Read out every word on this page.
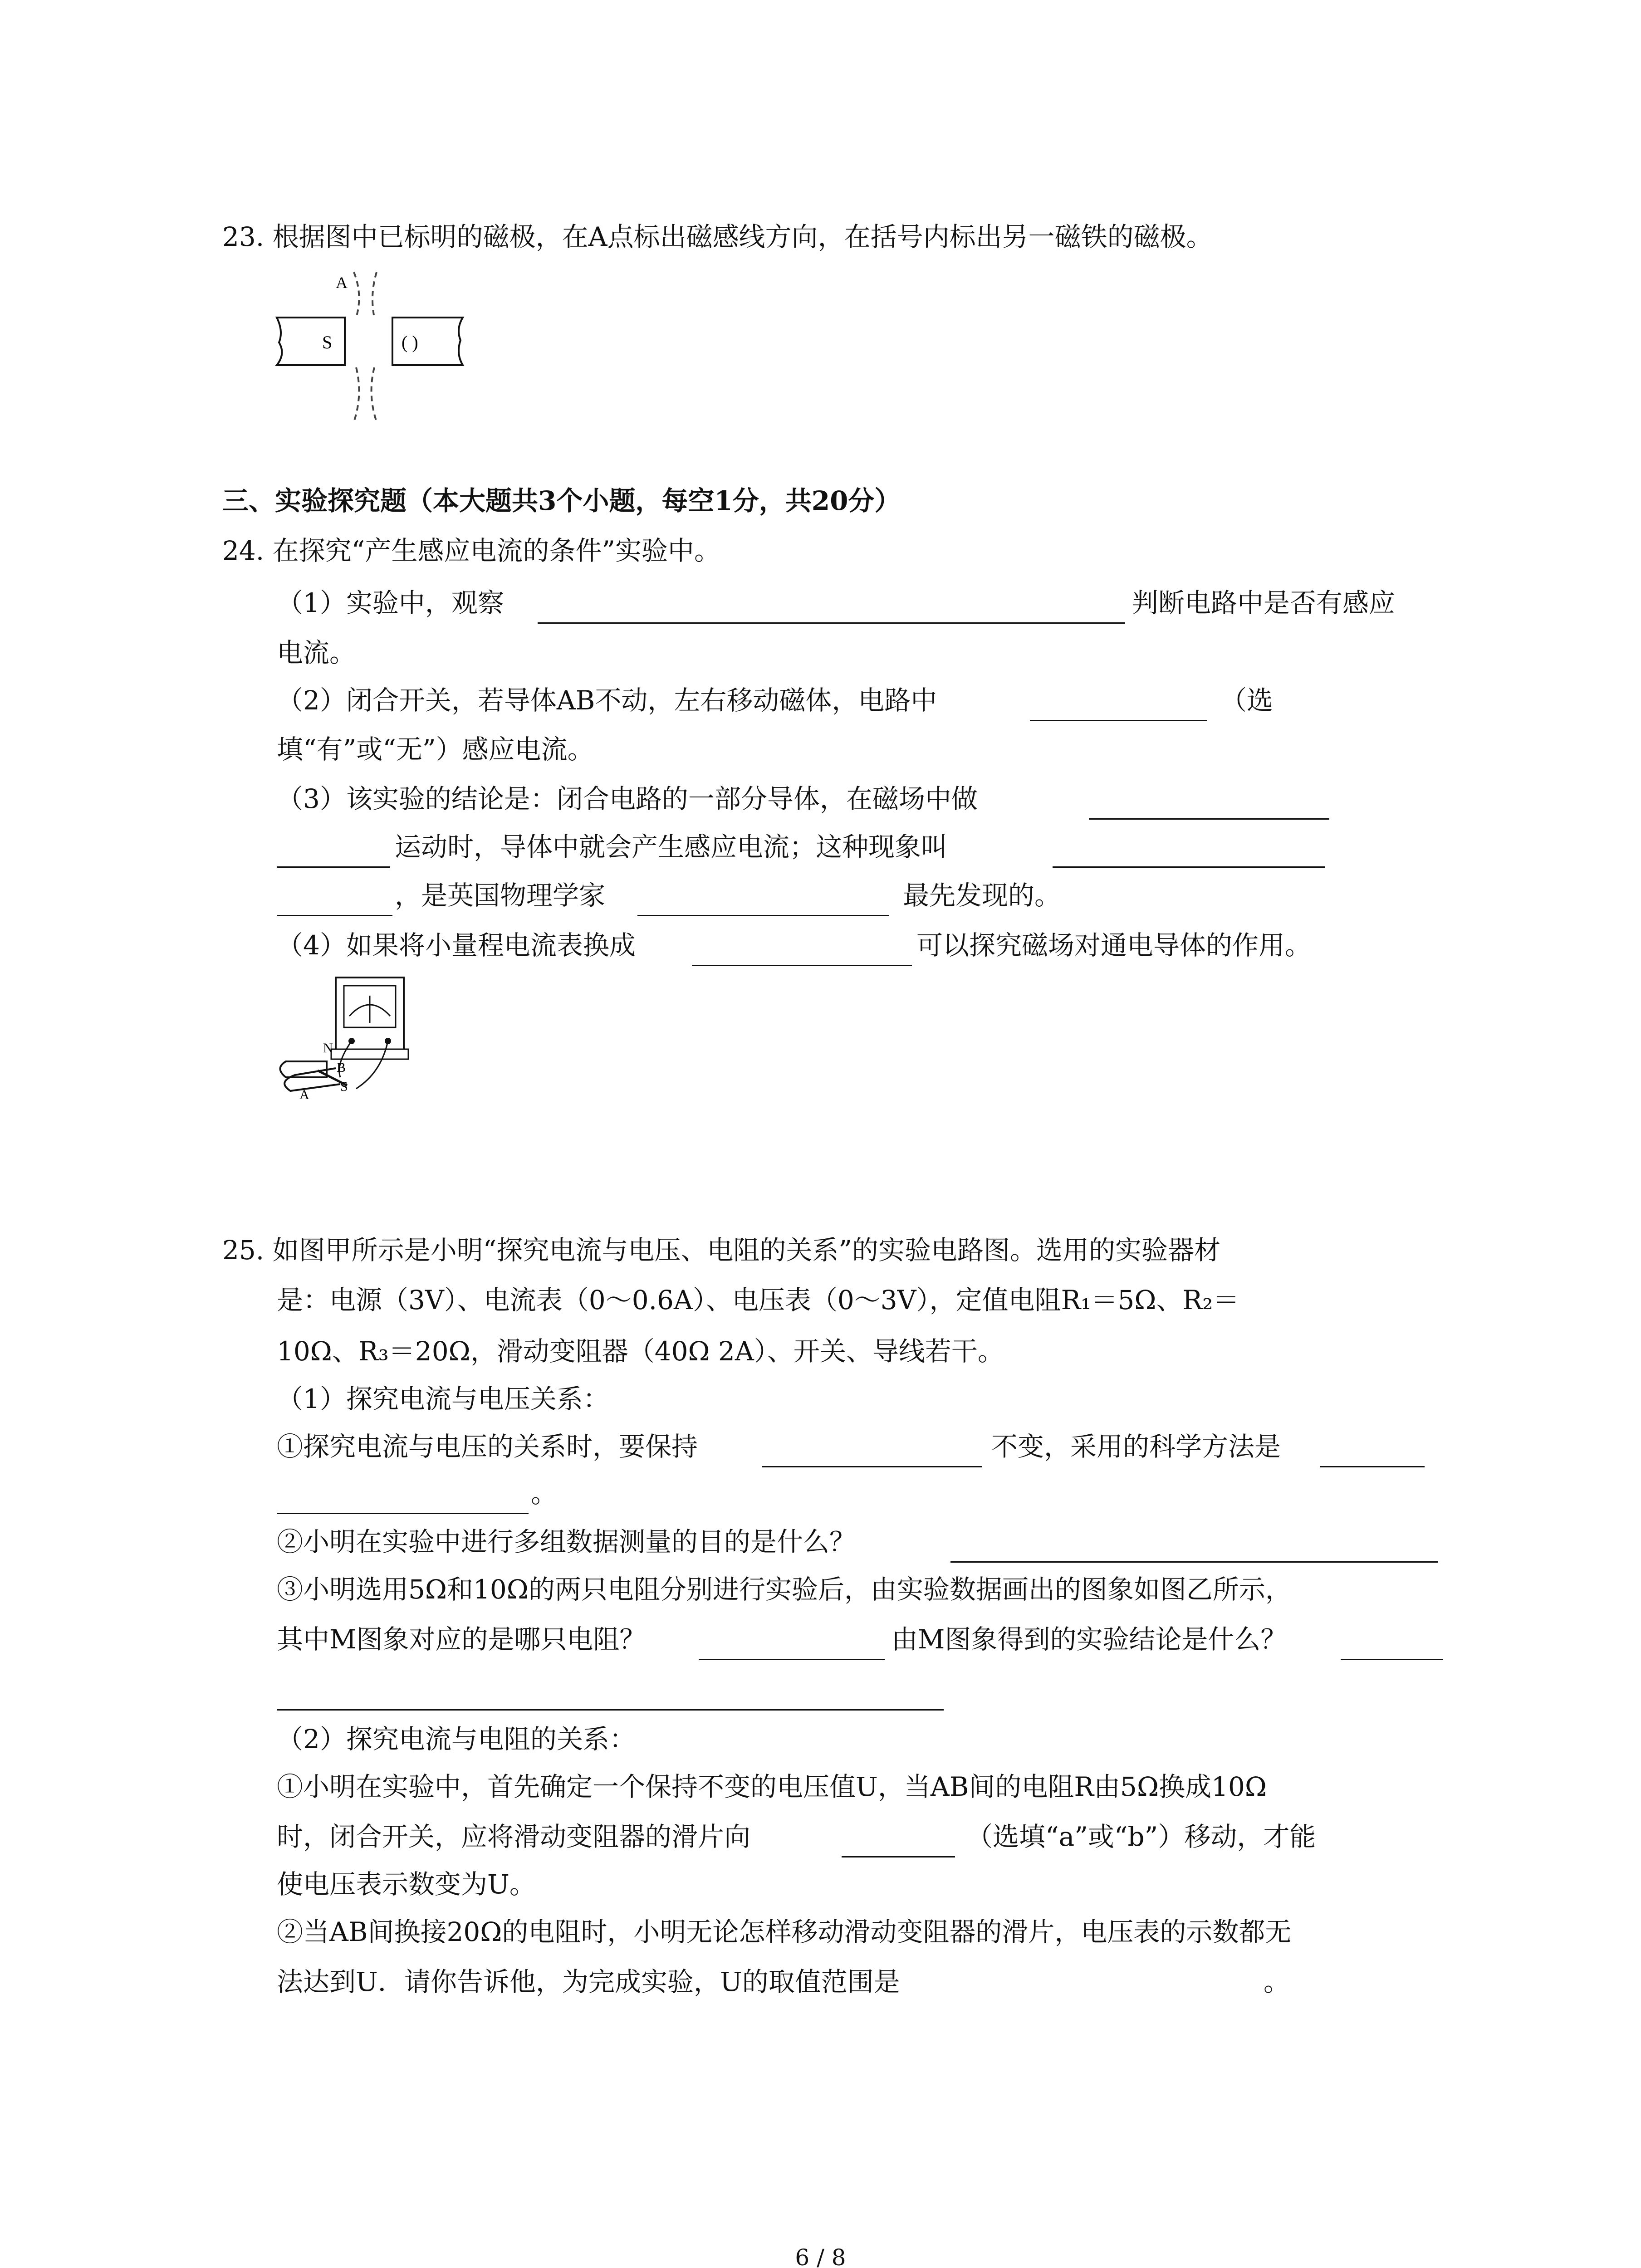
23. 根据图中已标明的磁极，在A点标出磁感线方向，在括号内标出另一磁铁的磁极。
A
S	( )
三、实验探究题（本大题共3个小题，每空1分，共20分）
24. 在探究“产生感应电流的条件”实验中。
（1）实验中，观察	判断电路中是否有感应
电流。
（2）闭合开关，若导体AB不动，左右移动磁体，电路中	（选
填“有”或“无”）感应电流。
（3）该实验的结论是：闭合电路的一部分导体，在磁场中做
运动时，导体中就会产生感应电流；这种现象叫
，是英国物理学家	最先发现的。
（4）如果将小量程电流表换成	可以探究磁场对通电导体的作用。
N
B
S
A
25. 如图甲所示是小明“探究电流与电压、电阻的关系”的实验电路图。选用的实验器材
是：电源（3V）、电流表（0～0.6A）、电压表（0～3V），定值电阻R₁＝5Ω、R₂＝
10Ω、R₃＝20Ω，滑动变阻器（40Ω 2A）、开关、导线若干。
（1）探究电流与电压关系：
①探究电流与电压的关系时，要保持	不变，采用的科学方法是
。
②小明在实验中进行多组数据测量的目的是什么？
③小明选用5Ω和10Ω的两只电阻分别进行实验后，由实验数据画出的图象如图乙所示，
其中M图象对应的是哪只电阻？	由M图象得到的实验结论是什么？
（2）探究电流与电阻的关系：
①小明在实验中，首先确定一个保持不变的电压值U，当AB间的电阻R由5Ω换成10Ω
时，闭合开关，应将滑动变阻器的滑片向	（选填“a”或“b”）移动，才能
使电压表示数变为U。
②当AB间换接20Ω的电阻时，小明无论怎样移动滑动变阻器的滑片，电压表的示数都无
法达到U．请你告诉他，为完成实验，U的取值范围是	。
6 / 8
